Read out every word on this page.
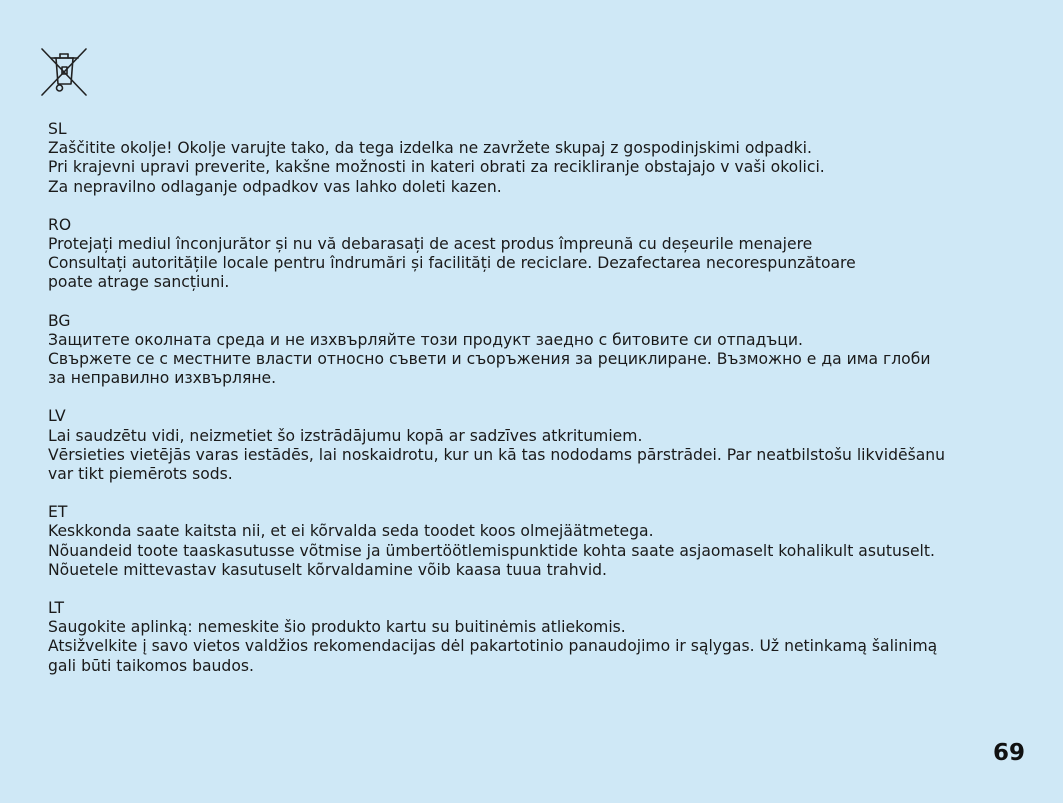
SL
Zaščitite okolje! Okolje varujte tako, da tega izdelka ne zavržete skupaj z gospodinjskimi odpadki.
Pri krajevni upravi preverite, kakšne možnosti in kateri obrati za recikliranje obstajajo v vaši okolici.
Za nepravilno odlaganje odpadkov vas lahko doleti kazen.
RO
Protejați mediul înconjurător și nu vă debarasați de acest produs împreună cu deșeurile menajere
Consultați autoritățile locale pentru îndrumări și facilități de reciclare. Dezafectarea necorespunzătoare
poate atrage sancțiuni.
BG
Защитете околната среда и не изхвърляйте този продукт заедно с битовите си отпадъци.
Свържете се с местните власти относно съвети и съоръжения за рециклиране. Възможно е да има глоби
за неправилно изхвърляне.
LV
Lai saudzētu vidi, neizmetiet šo izstrādājumu kopā ar sadzīves atkritumiem.
Vērsieties vietējās varas iestādēs, lai noskaidrotu, kur un kā tas nododams pārstrādei. Par neatbilstošu likvidēšanu
var tikt piemērots sods.
ET
Keskkonda saate kaitsta nii, et ei kõrvalda seda toodet koos olmejäätmetega.
Nõuandeid toote taaskasutusse võtmise ja ümbertöötlemispunktide kohta saate asjaomaselt kohalikult asutuselt.
Nõuetele mittevastav kasutuselt kõrvaldamine võib kaasa tuua trahvid.
LT
Saugokite aplinką: nemeskite šio produkto kartu su buitinėmis atliekomis.
Atsižvelkite į savo vietos valdžios rekomendacijas dėl pakartotinio panaudojimo ir sąlygas. Už netinkamą šalinimą
gali būti taikomos baudos.
69
